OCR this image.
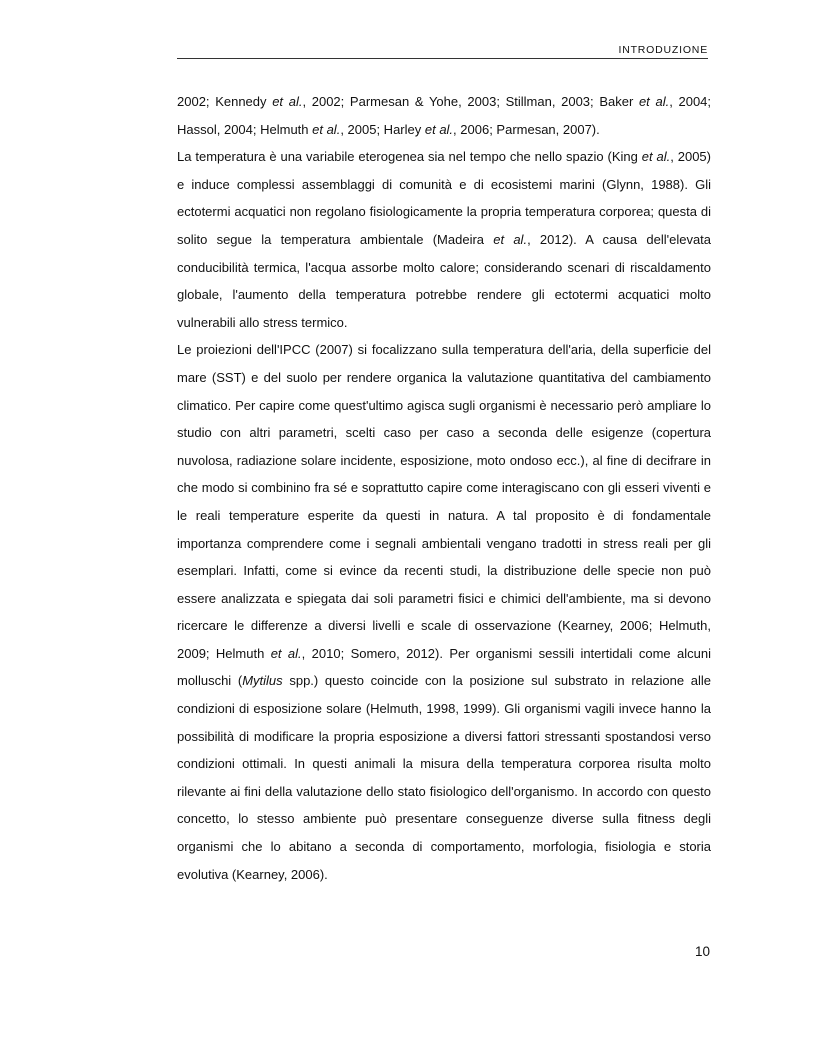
INTRODUZIONE

2002; Kennedy et al., 2002; Parmesan & Yohe, 2003; Stillman, 2003; Baker et al., 2004; Hassol, 2004; Helmuth et al., 2005; Harley et al., 2006; Parmesan, 2007).

La temperatura è una variabile eterogenea sia nel tempo che nello spazio (King et al., 2005) e induce complessi assemblaggi di comunità e di ecosistemi marini (Glynn, 1988). Gli ectotermi acquatici non regolano fisiologicamente la propria temperatura corporea; questa di solito segue la temperatura ambientale (Madeira et al., 2012). A causa dell'elevata conducibilità termica, l'acqua assorbe molto calore; considerando scenari di riscaldamento globale, l'aumento della temperatura potrebbe rendere gli ectotermi acquatici molto vulnerabili allo stress termico.

Le proiezioni dell'IPCC (2007) si focalizzano sulla temperatura dell'aria, della superficie del mare (SST) e del suolo per rendere organica la valutazione quantitativa del cambiamento climatico. Per capire come quest'ultimo agisca sugli organismi è necessario però ampliare lo studio con altri parametri, scelti caso per caso a seconda delle esigenze (copertura nuvolosa, radiazione solare incidente, esposizione, moto ondoso ecc.), al fine di decifrare in che modo si combinino fra sé e soprattutto capire come interagiscano con gli esseri viventi e le reali temperature esperite da questi in natura. A tal proposito è di fondamentale importanza comprendere come i segnali ambientali vengano tradotti in stress reali per gli esemplari. Infatti, come si evince da recenti studi, la distribuzione delle specie non può essere analizzata e spiegata dai soli parametri fisici e chimici dell'ambiente, ma si devono ricercare le differenze a diversi livelli e scale di osservazione (Kearney, 2006; Helmuth, 2009; Helmuth et al., 2010; Somero, 2012). Per organismi sessili intertidali come alcuni molluschi (Mytilus spp.) questo coincide con la posizione sul substrato in relazione alle condizioni di esposizione solare (Helmuth, 1998, 1999). Gli organismi vagili invece hanno la possibilità di modificare la propria esposizione a diversi fattori stressanti spostandosi verso condizioni ottimali. In questi animali la misura della temperatura corporea risulta molto rilevante ai fini della valutazione dello stato fisiologico dell'organismo. In accordo con questo concetto, lo stesso ambiente può presentare conseguenze diverse sulla fitness degli organismi che lo abitano a seconda di comportamento, morfologia, fisiologia e storia evolutiva (Kearney, 2006).

10
